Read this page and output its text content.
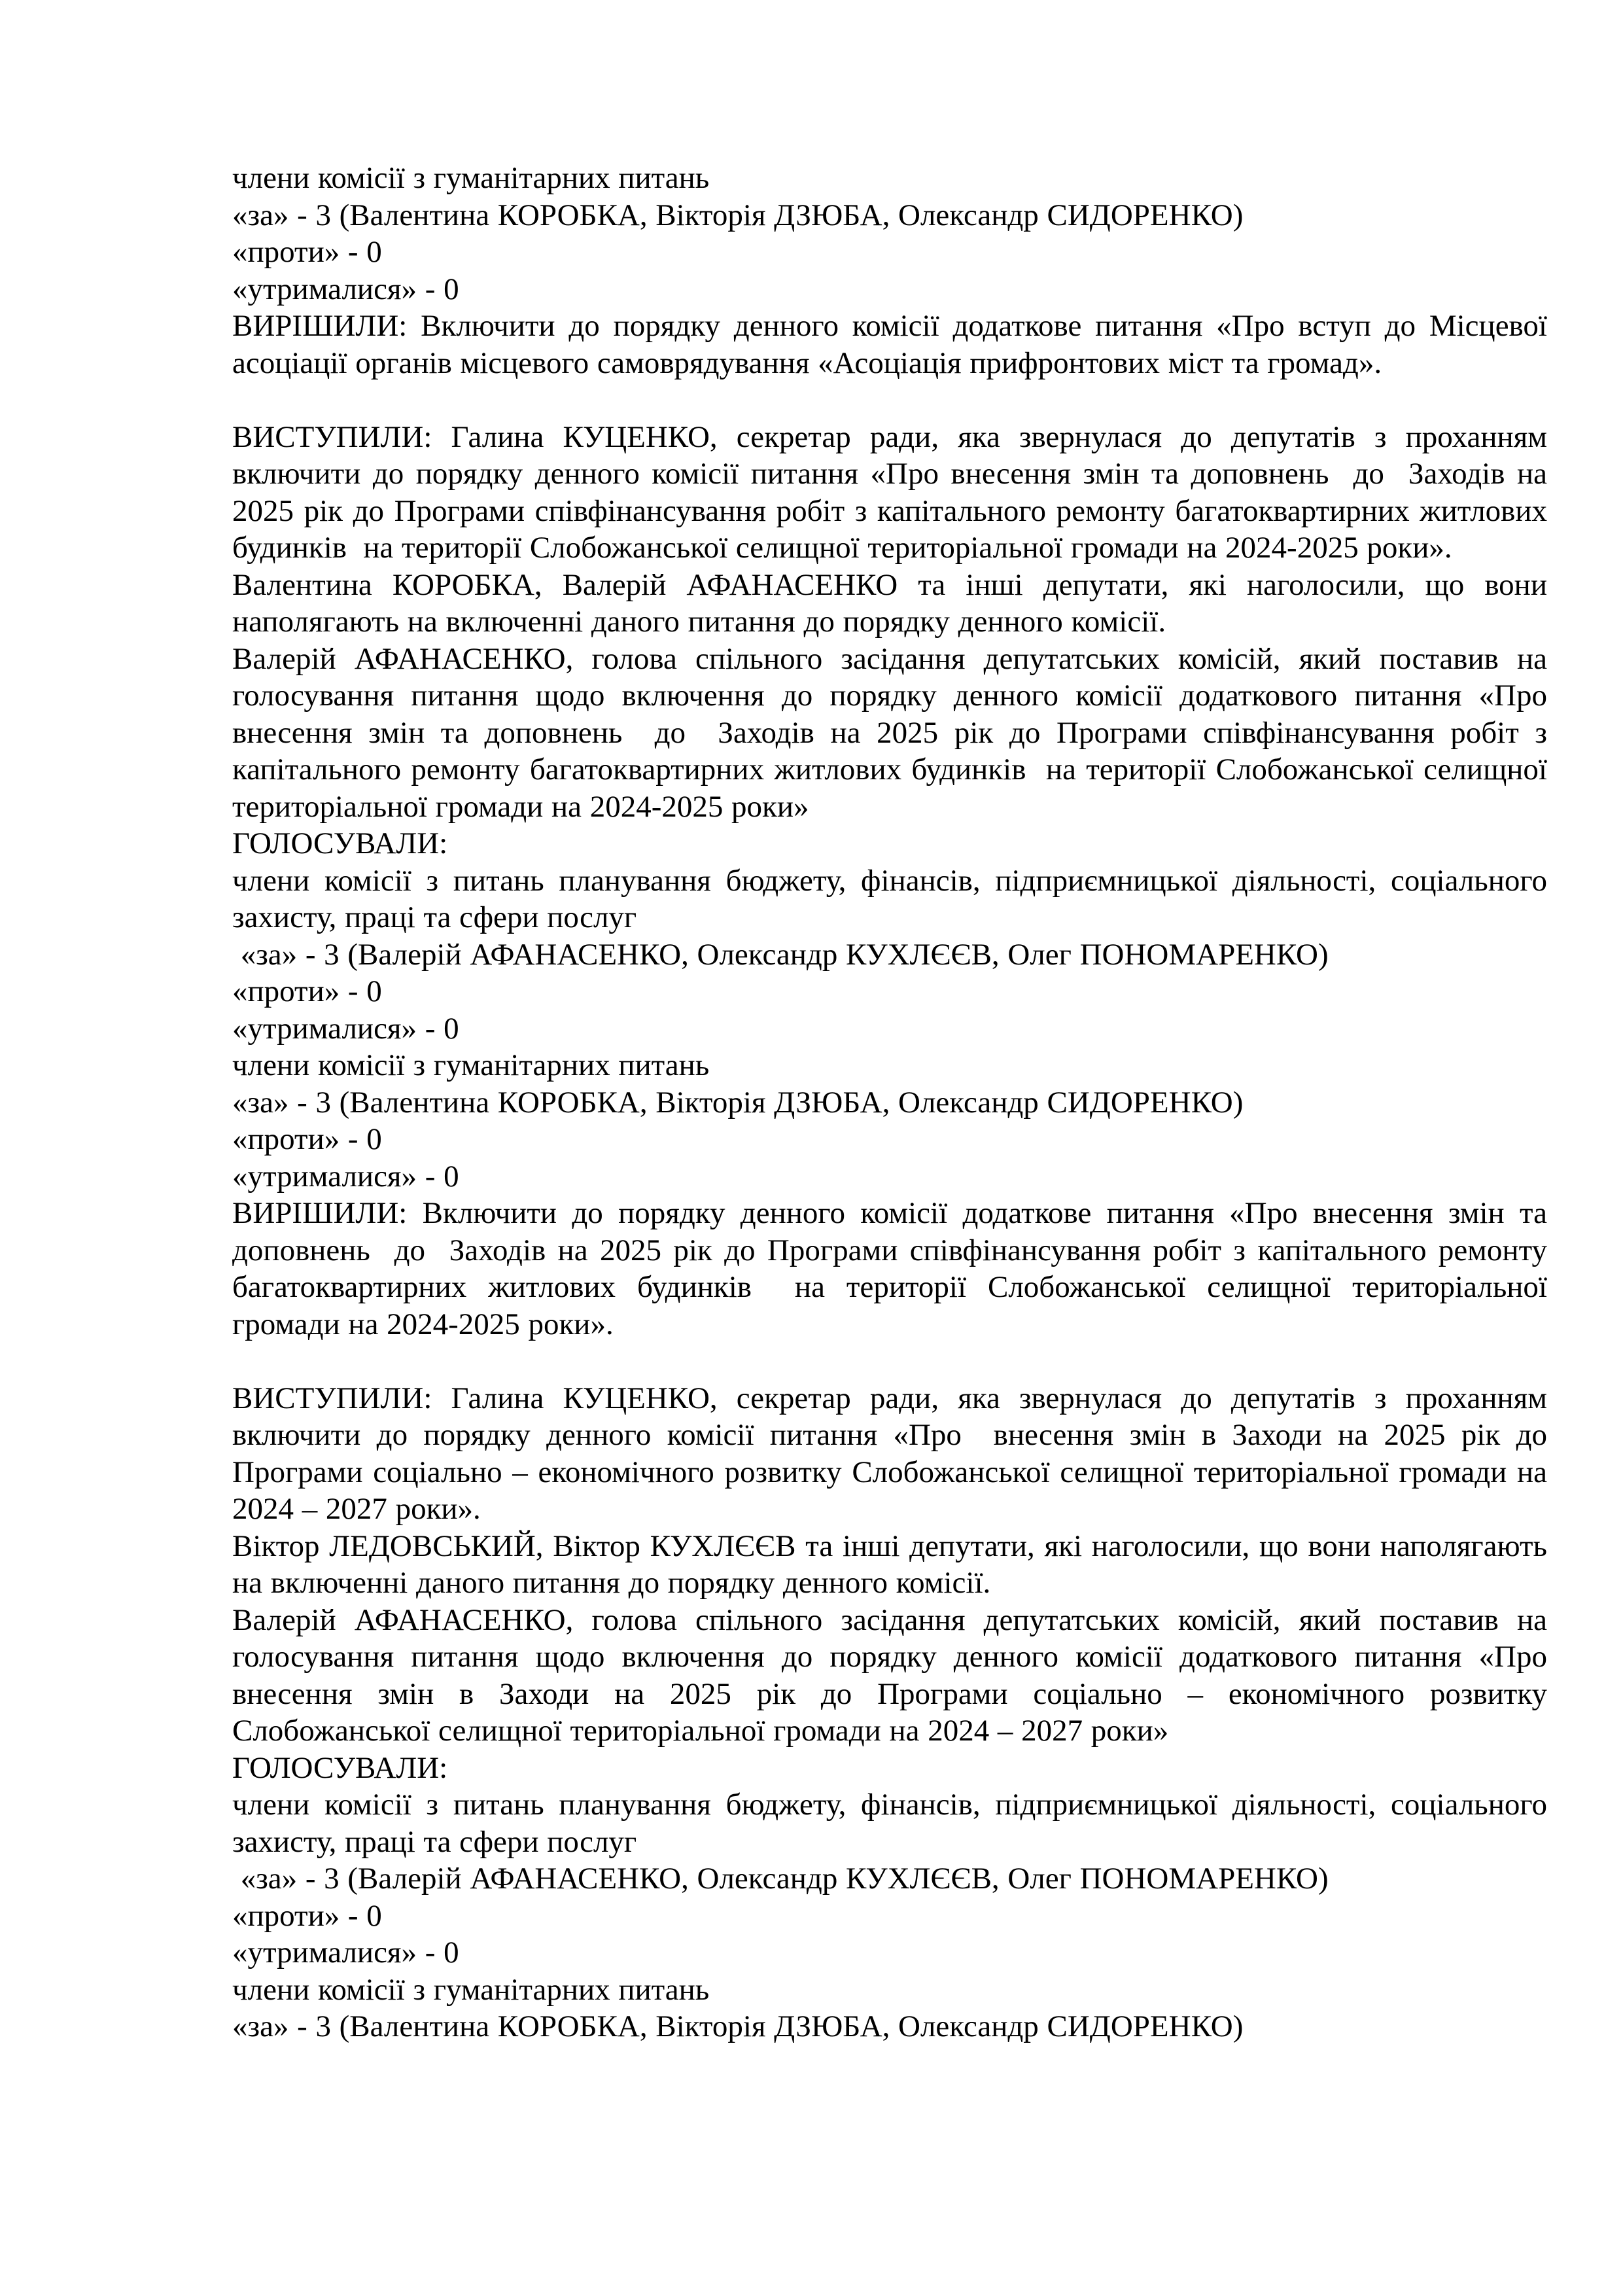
члени комісії з гуманітарних питань

«за» - 3 (Валентина КОРОБКА, Вікторія ДЗЮБА, Олександр СИДОРЕНКО)

«проти» - 0

«утрималися» - 0

ВИРІШИЛИ: Включити до порядку денного комісії додаткове питання «Про вступ до Місцевої асоціації органів місцевого самоврядування «Асоціація прифронтових міст та громад».

ВИСТУПИЛИ: Галина КУЦЕНКО, секретар ради, яка звернулася до депутатів з проханням включити до порядку денного комісії питання «Про внесення змін та доповнень  до  Заходів на 2025 рік до Програми співфінансування робіт з капітального ремонту багатоквартирних житлових будинків  на території Слобожанської селищної територіальної громади на 2024-2025 роки».

Валентина КОРОБКА, Валерій АФАНАСЕНКО та інші депутати, які наголосили, що вони наполягають на включенні даного питання до порядку денного комісії.

Валерій АФАНАСЕНКО, голова спільного засідання депутатських комісій, який поставив на голосування питання щодо включення до порядку денного комісії додаткового питання «Про внесення змін та доповнень  до  Заходів на 2025 рік до Програми співфінансування робіт з капітального ремонту багатоквартирних житлових будинків  на території Слобожанської селищної територіальної громади на 2024-2025 роки»

ГОЛОСУВАЛИ:

члени комісії з питань планування бюджету, фінансів, підприємницької діяльності, соціального захисту, праці та сфери послуг

«за» - 3 (Валерій АФАНАСЕНКО, Олександр КУХЛЄЄВ, Олег ПОНОМАРЕНКО)

«проти» - 0

«утрималися» - 0

члени комісії з гуманітарних питань

«за» - 3 (Валентина КОРОБКА, Вікторія ДЗЮБА, Олександр СИДОРЕНКО)

«проти» - 0

«утрималися» - 0

ВИРІШИЛИ: Включити до порядку денного комісії додаткове питання «Про внесення змін та доповнень  до  Заходів на 2025 рік до Програми співфінансування робіт з капітального ремонту багатоквартирних житлових будинків  на території Слобожанської селищної територіальної громади на 2024-2025 роки».

ВИСТУПИЛИ: Галина КУЦЕНКО, секретар ради, яка звернулася до депутатів з проханням включити до порядку денного комісії питання «Про  внесення змін в Заходи на 2025 рік до Програми соціально – економічного розвитку Слобожанської селищної територіальної громади на 2024 – 2027 роки».

Віктор ЛЕДОВСЬКИЙ, Віктор КУХЛЄЄВ та інші депутати, які наголосили, що вони наполягають на включенні даного питання до порядку денного комісії.

Валерій АФАНАСЕНКО, голова спільного засідання депутатських комісій, який поставив на голосування питання щодо включення до порядку денного комісії додаткового питання «Про внесення змін в Заходи на 2025 рік до Програми соціально – економічного розвитку Слобожанської селищної територіальної громади на 2024 – 2027 роки»

ГОЛОСУВАЛИ:

члени комісії з питань планування бюджету, фінансів, підприємницької діяльності, соціального захисту, праці та сфери послуг

«за» - 3 (Валерій АФАНАСЕНКО, Олександр КУХЛЄЄВ, Олег ПОНОМАРЕНКО)

«проти» - 0

«утрималися» - 0

члени комісії з гуманітарних питань

«за» - 3 (Валентина КОРОБКА, Вікторія ДЗЮБА, Олександр СИДОРЕНКО)
